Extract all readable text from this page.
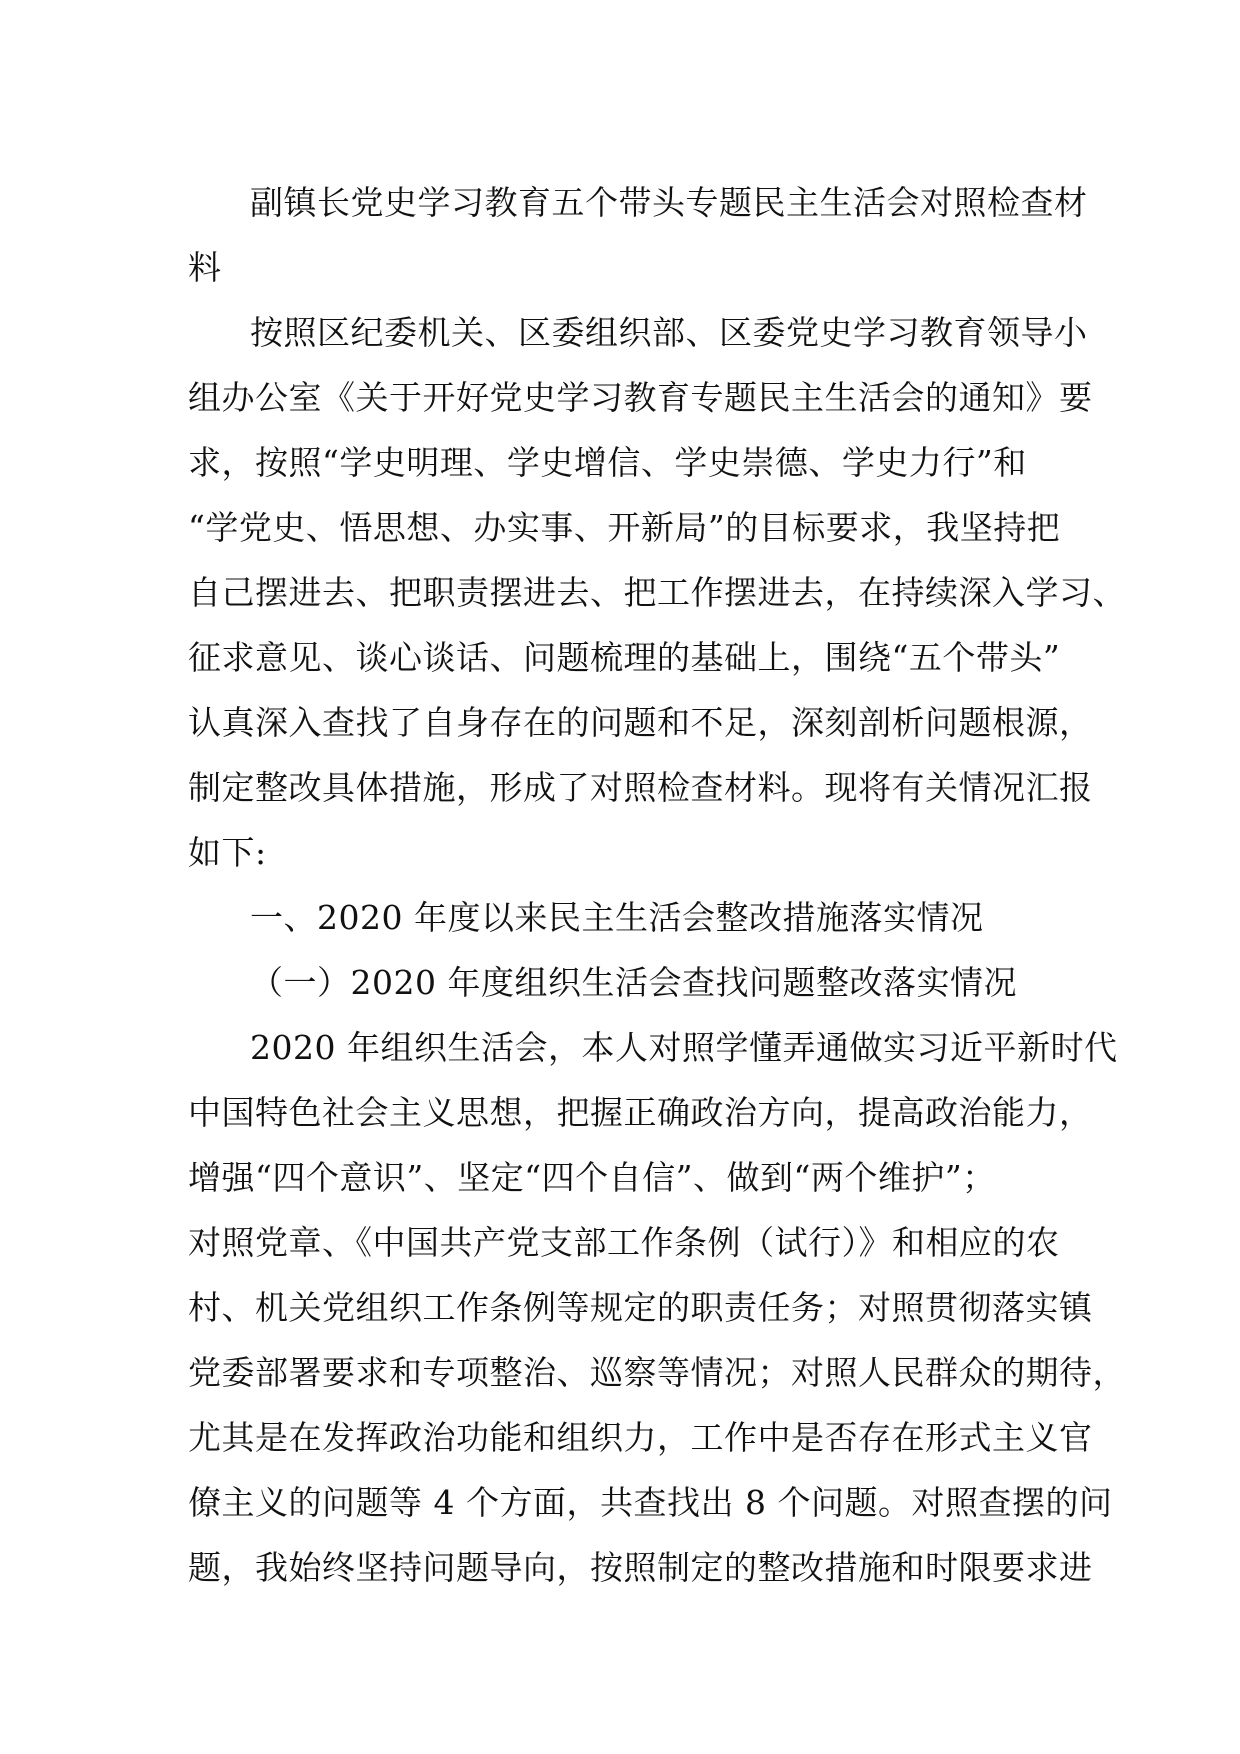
副镇长党史学习教育五个带头专题民主生活会对照检查材
料
按照区纪委机关、区委组织部、区委党史学习教育领导小
组办公室《关于开好党史学习教育专题民主生活会的通知》要
求，按照“学史明理、学史增信、学史崇德、学史力行”和
“学党史、悟思想、办实事、开新局”的目标要求，我坚持把
自己摆进去、把职责摆进去、把工作摆进去，在持续深入学习、
征求意见、谈心谈话、问题梳理的基础上，围绕“五个带头”
认真深入查找了自身存在的问题和不足，深刻剖析问题根源，
制定整改具体措施，形成了对照检查材料。现将有关情况汇报
如下:
一、2020 年度以来民主生活会整改措施落实情况
（一）2020 年度组织生活会查找问题整改落实情况
2020 年组织生活会，本人对照学懂弄通做实习近平新时代
中国特色社会主义思想，把握正确政治方向，提高政治能力，
增强“四个意识”、坚定“四个自信”、做到“两个维护”；
对照党章、《中国共产党支部工作条例（试行）》和相应的农
村、机关党组织工作条例等规定的职责任务；对照贯彻落实镇
党委部署要求和专项整治、巡察等情况；对照人民群众的期待，
尤其是在发挥政治功能和组织力，工作中是否存在形式主义官
僚主义的问题等 4 个方面，共查找出 8 个问题。对照查摆的问
题，我始终坚持问题导向，按照制定的整改措施和时限要求进
